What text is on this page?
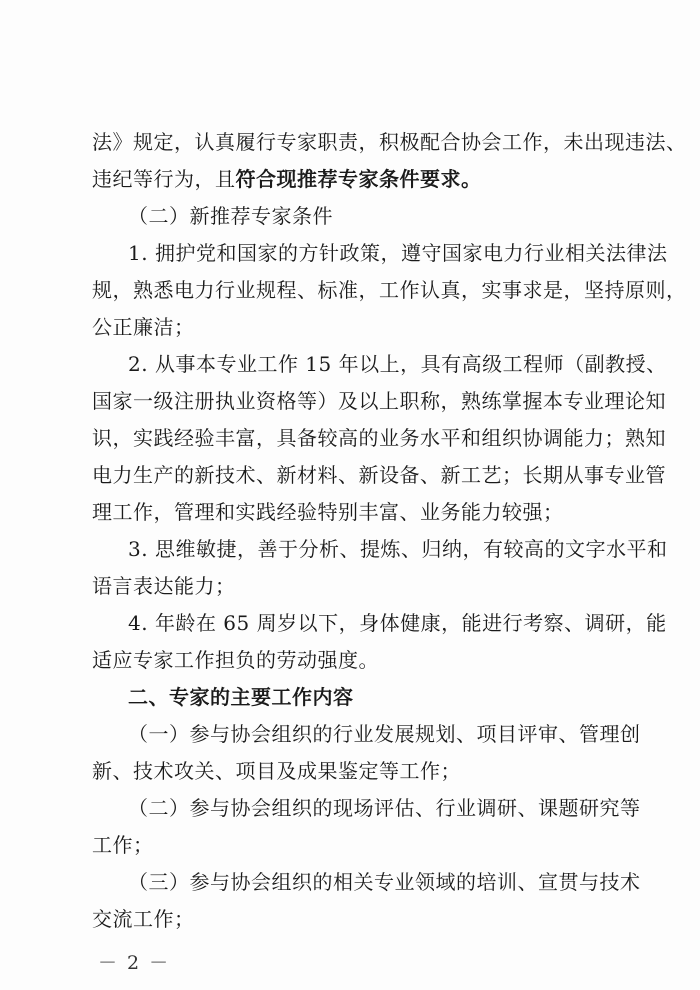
法》规定，认真履行专家职责，积极配合协会工作，未出现违法、
违纪等行为，且符合现推荐专家条件要求。
（二）新推荐专家条件
1. 拥护党和国家的方针政策，遵守国家电力行业相关法律法
规，熟悉电力行业规程、标准，工作认真，实事求是，坚持原则，
公正廉洁；
2. 从事本专业工作 15 年以上，具有高级工程师（副教授、
国家一级注册执业资格等）及以上职称，熟练掌握本专业理论知
识，实践经验丰富，具备较高的业务水平和组织协调能力；熟知
电力生产的新技术、新材料、新设备、新工艺；长期从事专业管
理工作，管理和实践经验特别丰富、业务能力较强；
3. 思维敏捷，善于分析、提炼、归纳，有较高的文字水平和
语言表达能力；
4. 年龄在 65 周岁以下，身体健康，能进行考察、调研，能
适应专家工作担负的劳动强度。
二、专家的主要工作内容
（一）参与协会组织的行业发展规划、项目评审、管理创
新、技术攻关、项目及成果鉴定等工作；
（二）参与协会组织的现场评估、行业调研、课题研究等
工作；
（三）参与协会组织的相关专业领域的培训、宣贯与技术
交流工作；
－ 2 －
